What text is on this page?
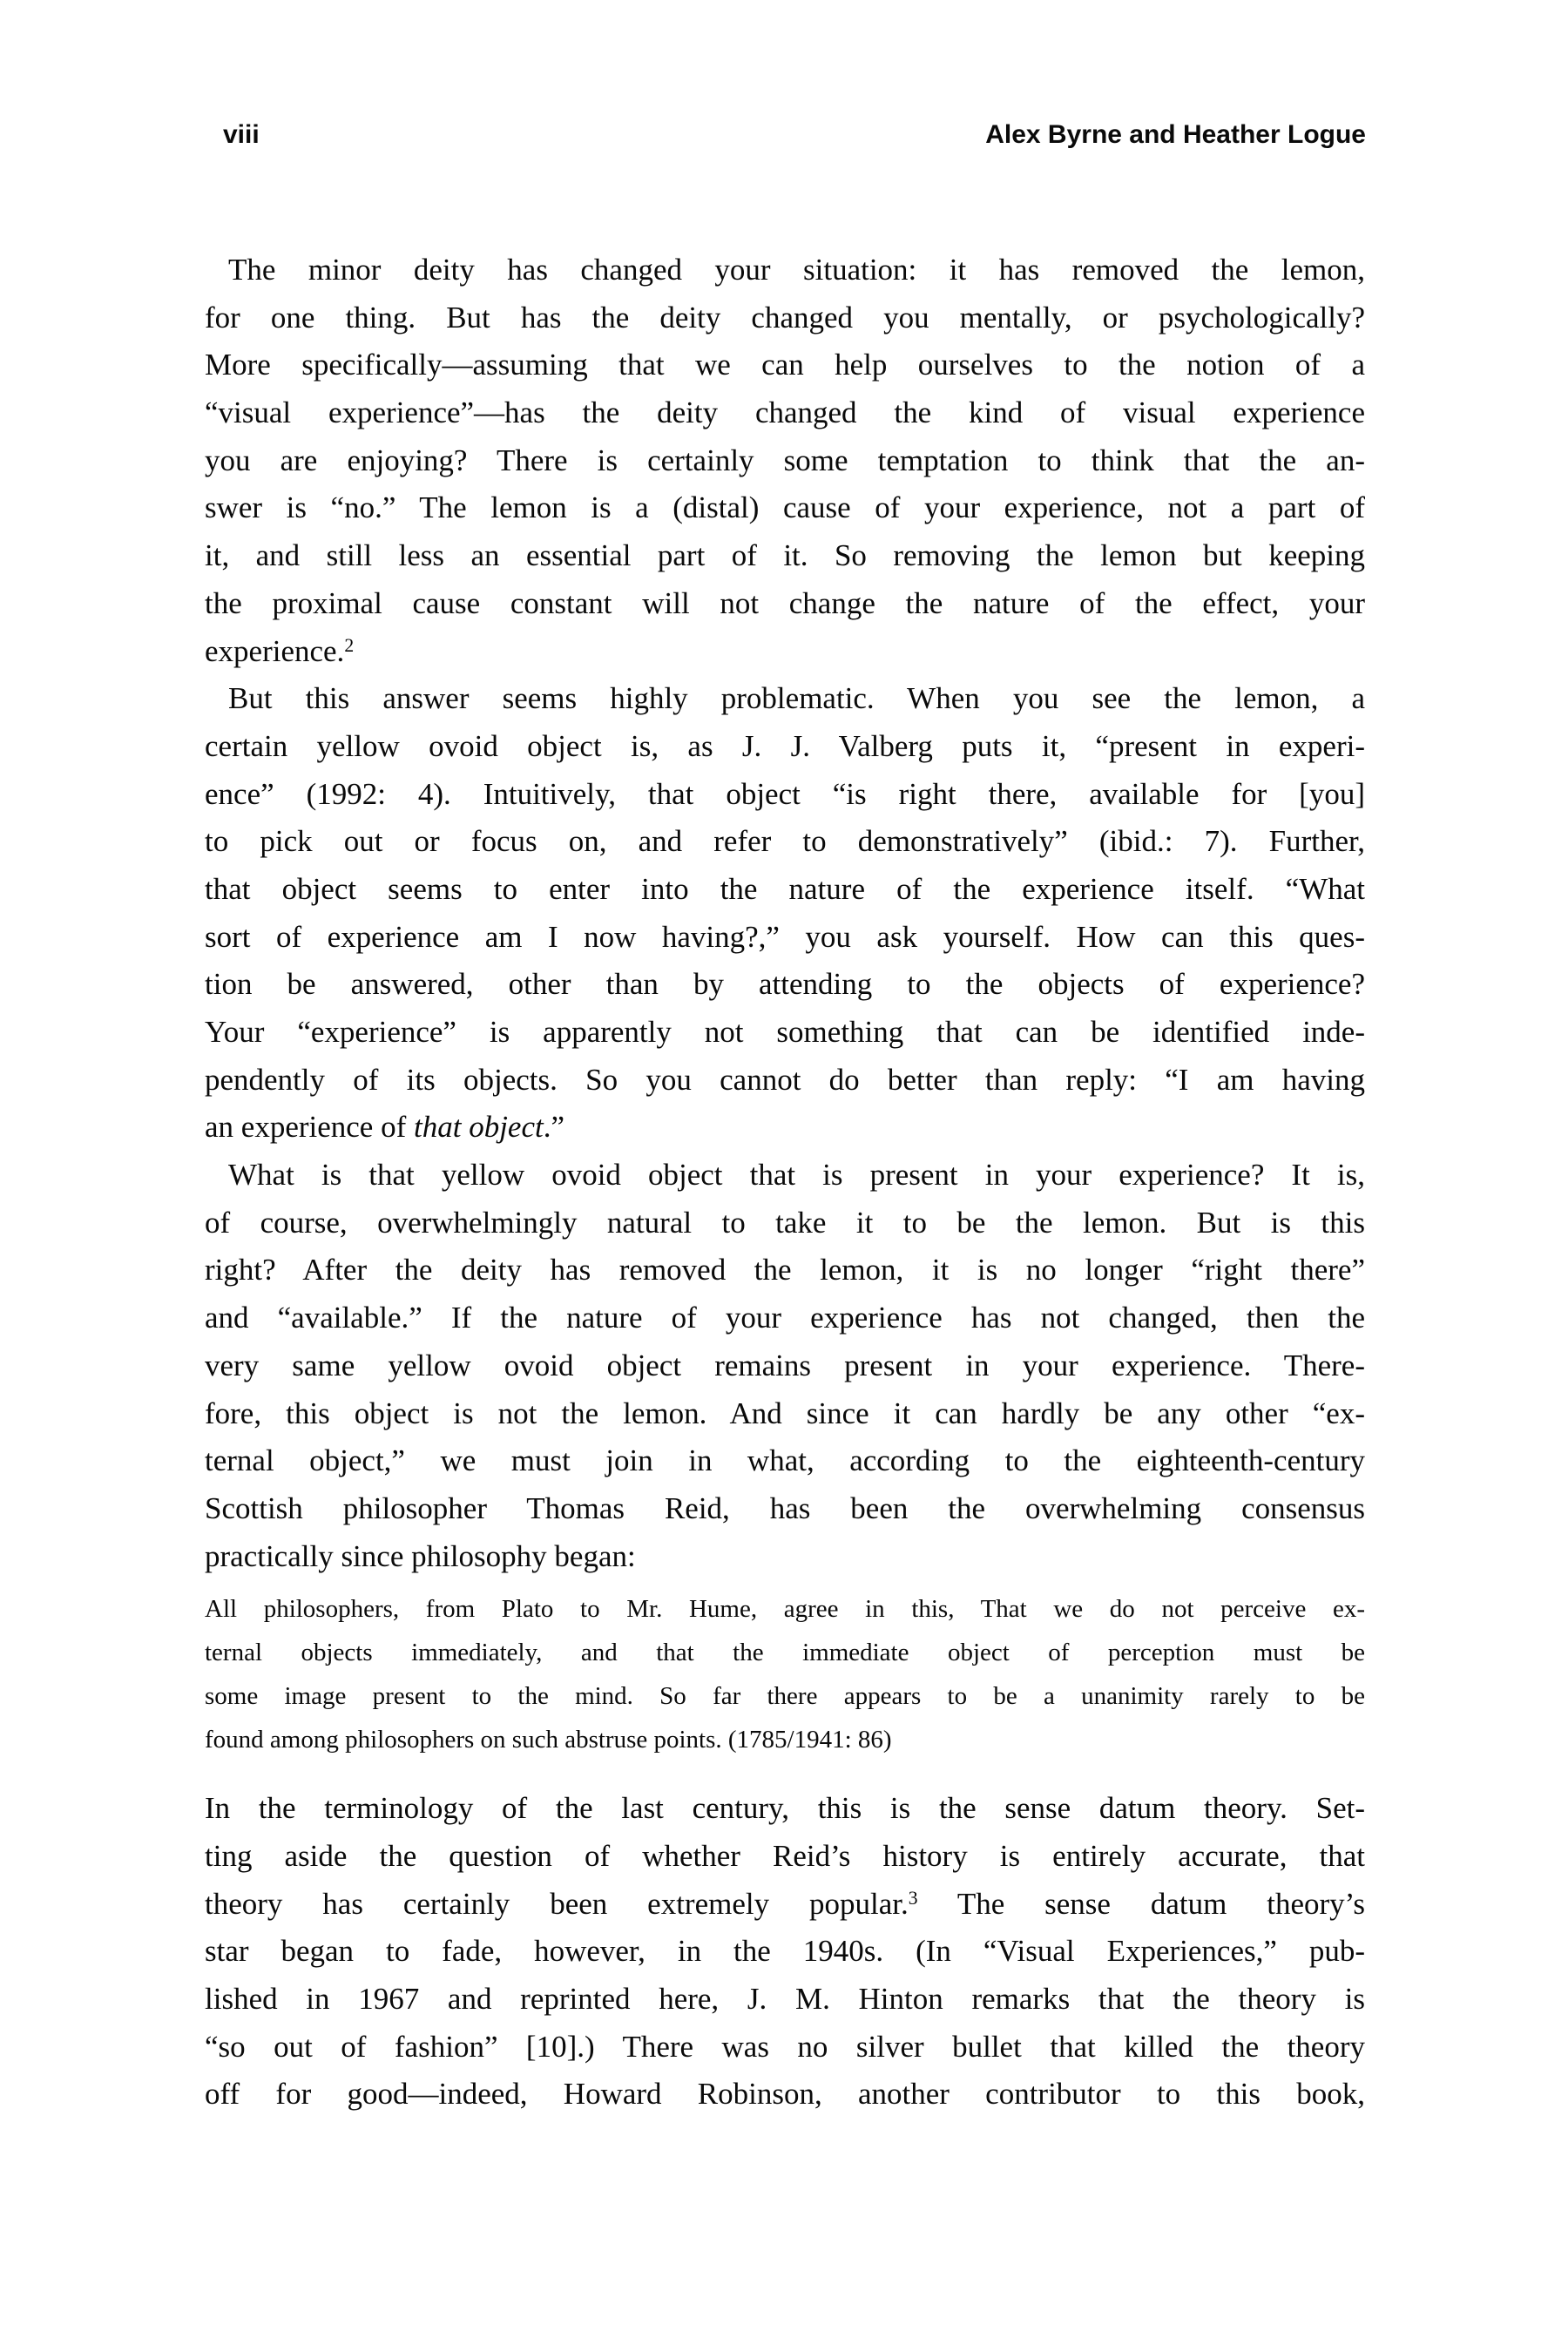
viii	Alex Byrne and Heather Logue
The minor deity has changed your situation: it has removed the lemon,
for one thing. But has the deity changed you mentally, or psychologically?
More specifically—assuming that we can help ourselves to the notion of a
“visual experience”—has the deity changed the kind of visual experience
you are enjoying? There is certainly some temptation to think that the an-
swer is “no.” The lemon is a (distal) cause of your experience, not a part of
it, and still less an essential part of it. So removing the lemon but keeping
the proximal cause constant will not change the nature of the effect, your
experience.$^2$
But this answer seems highly problematic. When you see the lemon, a
certain yellow ovoid object is, as J. J. Valberg puts it, “present in experi-
ence” (1992: 4). Intuitively, that object “is right there, available for [you]
to pick out or focus on, and refer to demonstratively” (ibid.: 7). Further,
that object seems to enter into the nature of the experience itself. “What
sort of experience am I now having?,” you ask yourself. How can this ques-
tion be answered, other than by attending to the objects of experience?
Your “experience” is apparently not something that can be identified inde-
pendently of its objects. So you cannot do better than reply: “I am having
an experience of that object.”
What is that yellow ovoid object that is present in your experience? It is,
of course, overwhelmingly natural to take it to be the lemon. But is this
right? After the deity has removed the lemon, it is no longer “right there”
and “available.” If the nature of your experience has not changed, then the
very same yellow ovoid object remains present in your experience. There-
fore, this object is not the lemon. And since it can hardly be any other “ex-
ternal object,” we must join in what, according to the eighteenth-century
Scottish philosopher Thomas Reid, has been the overwhelming consensus
practically since philosophy began:
All philosophers, from Plato to Mr. Hume, agree in this, That we do not perceive ex-
ternal objects immediately, and that the immediate object of perception must be
some image present to the mind. So far there appears to be a unanimity rarely to be
found among philosophers on such abstruse points. (1785/1941: 86)
In the terminology of the last century, this is the sense datum theory. Set-
ting aside the question of whether Reid’s history is entirely accurate, that
theory has certainly been extremely popular.$^3$ The sense datum theory’s
star began to fade, however, in the 1940s. (In “Visual Experiences,” pub-
lished in 1967 and reprinted here, J. M. Hinton remarks that the theory is
“so out of fashion” [10].) There was no silver bullet that killed the theory
off for good—indeed, Howard Robinson, another contributor to this book,
